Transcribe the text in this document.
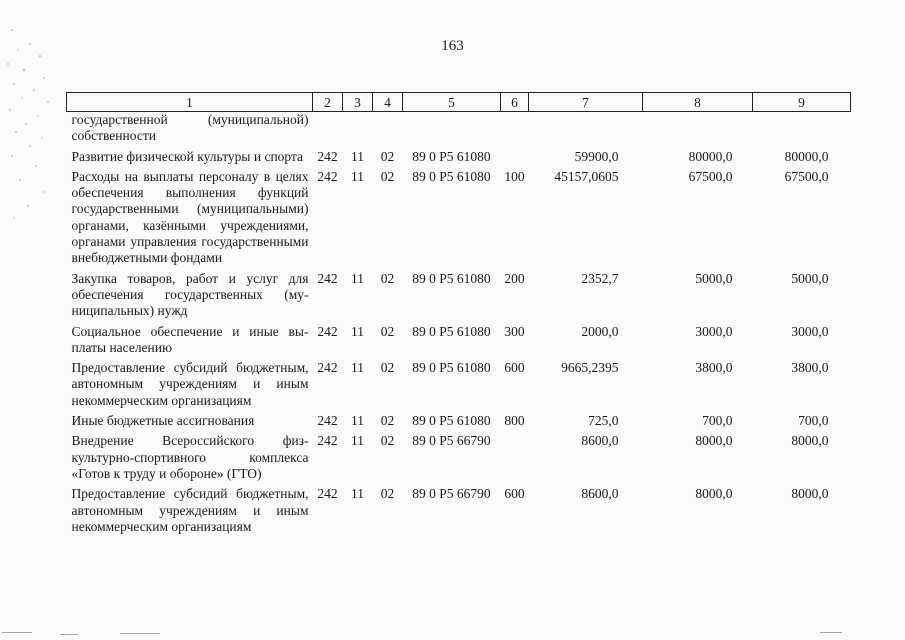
163
1	2	3	4	5	6	7	8	9
государственной (муниципальной) собственности								
Развитие физической культуры и спорта	242	11	02	89 0 P5 61080		59900,0	80000,0	80000,0
Расходы на выплаты персоналу в целях обеспечения выполнения функций государственными (муниципальными) органами, казёнными учреждениями, органами управления государственными внебюджетными фондами	242	11	02	89 0 P5 61080	100	45157,0605	67500,0	67500,0
Закупка товаров, работ и услуг для обеспечения государственных (муниципальных) нужд	242	11	02	89 0 P5 61080	200	2352,7	5000,0	5000,0
Социальное обеспечение и иные выплаты населению	242	11	02	89 0 P5 61080	300	2000,0	3000,0	3000,0
Предоставление субсидий бюджетным, автономным учреждениям и иным некоммерческим организациям	242	11	02	89 0 P5 61080	600	9665,2395	3800,0	3800,0
Иные бюджетные ассигнования	242	11	02	89 0 P5 61080	800	725,0	700,0	700,0
Внедрение Всероссийского физкультурно-спортивного комплекса «Готов к труду и обороне» (ГТО)	242	11	02	89 0 P5 66790		8600,0	8000,0	8000,0
Предоставление субсидий бюджетным, автономным учреждениям и иным некоммерческим организациям	242	11	02	89 0 P5 66790	600	8600,0	8000,0	8000,0
